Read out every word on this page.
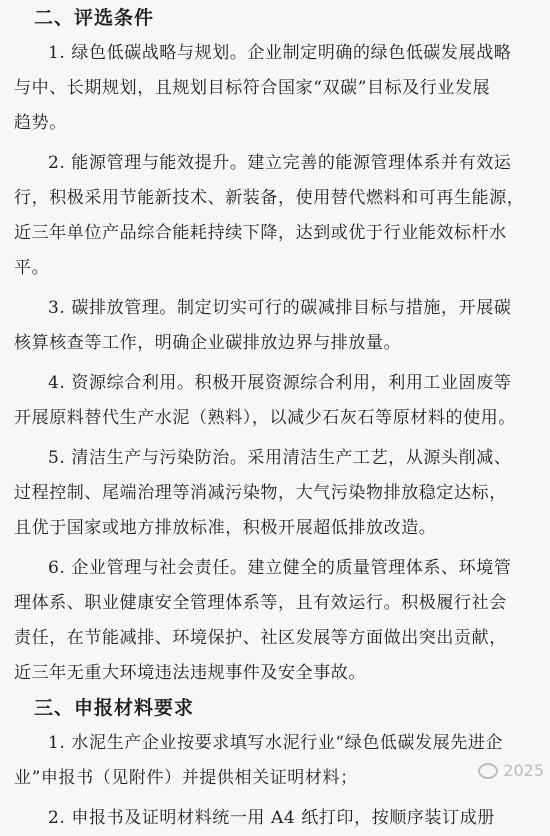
二、评选条件
1. 绿色低碳战略与规划。企业制定明确的绿色低碳发展战略
与中、长期规划，且规划目标符合国家“双碳”目标及行业发展
趋势。
2. 能源管理与能效提升。建立完善的能源管理体系并有效运
行，积极采用节能新技术、新装备，使用替代燃料和可再生能源，
近三年单位产品综合能耗持续下降，达到或优于行业能效标杆水
平。
3. 碳排放管理。制定切实可行的碳减排目标与措施，开展碳
核算核查等工作，明确企业碳排放边界与排放量。
4. 资源综合利用。积极开展资源综合利用，利用工业固废等
开展原料替代生产水泥（熟料），以减少石灰石等原材料的使用。
5. 清洁生产与污染防治。采用清洁生产工艺，从源头削减、
过程控制、尾端治理等消减污染物，大气污染物排放稳定达标，
且优于国家或地方排放标准，积极开展超低排放改造。
6. 企业管理与社会责任。建立健全的质量管理体系、环境管
理体系、职业健康安全管理体系等，且有效运行。积极履行社会
责任，在节能减排、环境保护、社区发展等方面做出突出贡献，
近三年无重大环境违法违规事件及安全事故。
三、申报材料要求
1. 水泥生产企业按要求填写水泥行业“绿色低碳发展先进企
业”申报书（见附件）并提供相关证明材料；
2. 申报书及证明材料统一用 A4 纸打印，按顺序装订成册
2025
